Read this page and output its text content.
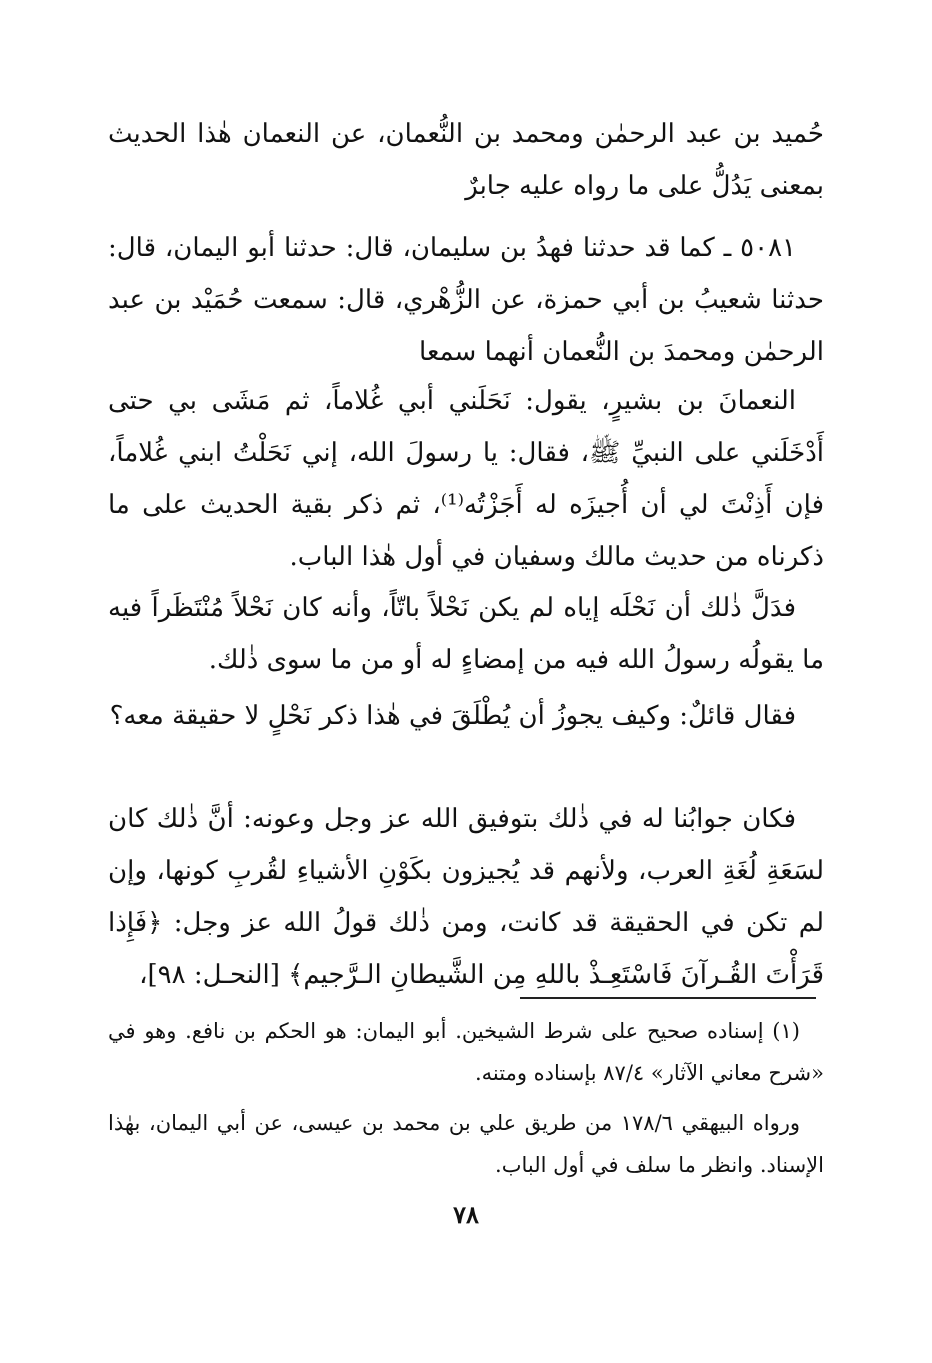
حُميد بن عبد الرحمٰن ومحمد بن النُّعمان، عن النعمان هٰذا الحديث بمعنى يَدُلُّ على ما رواه عليه جابرٌ

٥٠٨١ ـ كما قد حدثنا فهدُ بن سليمان، قال: حدثنا أبو اليمان، قال: حدثنا شعيبُ بن أبي حمزة، عن الزُّهْري، قال: سمعت حُمَيْد بن عبد الرحمٰن ومحمدَ بن النُّعمان أنهما سمعا

النعمانَ بن بشيرٍ، يقول: نَحَلَني أبي غُلاماً، ثم مَشَى بي حتى أَدْخَلَني على النبيِّ ﷺ، فقال: يا رسولَ الله، إني نَحَلْتُ ابني غُلاماً، فإن أَذِنْتَ لي أن أُجيزَه له أَجَزْتُه⁽¹⁾، ثم ذكر بقية الحديث على ما ذكرناه من حديث مالك وسفيان في أول هٰذا الباب.

فدَلَّ ذٰلك أن نَحْلَه إياه لم يكن نَحْلاً باتّاً، وأنه كان نَحْلاً مُنْتَظَراً فيه ما يقولُه رسولُ الله فيه من إمضاءٍ له أو من ما سوى ذٰلك.

فقال قائلٌ: وكيف يجوزُ أن يُطْلَقَ في هٰذا ذكر نَحْلٍ لا حقيقة معه؟

فكان جوابُنا له في ذٰلك بتوفيق الله عز وجل وعونه: أنَّ ذٰلك كان لسَعَةِ لُغَةِ العرب، ولأنهم قد يُجيزون بكَوْنِ الأشياءِ لقُربِ كونها، وإن لم تكن في الحقيقة قد كانت، ومن ذٰلك قولُ الله عز وجل: ﴿فَإِذا قَرَأْتَ القُـرآنَ فَاسْتَعِـذْ باللهِ مِن الشَّيطانِ الـرَّجيم﴾ [النحـل: ٩٨]،

(١) إسناده صحيح على شرط الشيخين. أبو اليمان: هو الحكم بن نافع. وهو في «شرح معاني الآثار» ٨٧/٤ بإسناده ومتنه.

ورواه البيهقي ١٧٨/٦ من طريق علي بن محمد بن عيسى، عن أبي اليمان، بهٰذا الإسناد. وانظر ما سلف في أول الباب.

٧٨
